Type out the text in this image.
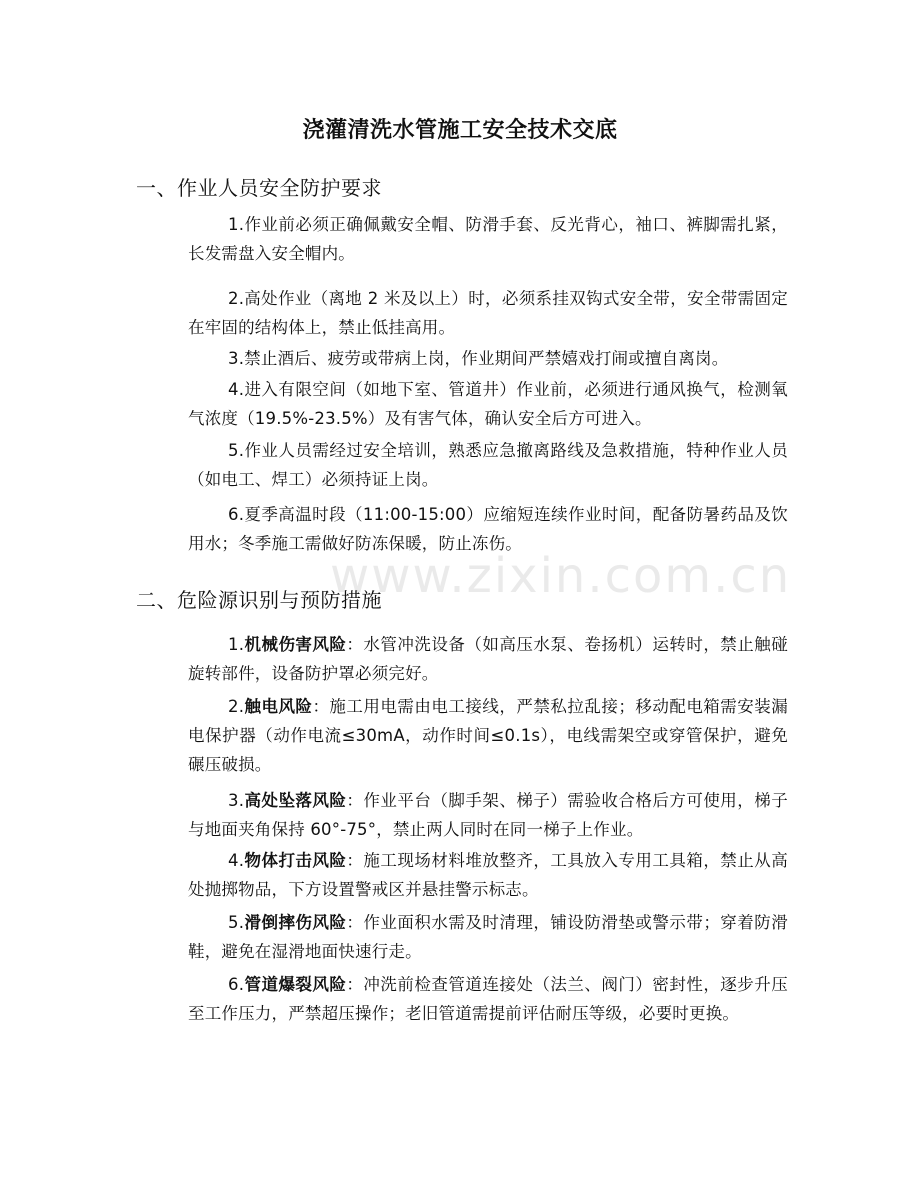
www.zixin.com.cn
浇灌清洗水管施工安全技术交底
一、作业人员安全防护要求

1.作业前必须正确佩戴安全帽、防滑手套、反光背心，袖口、裤脚需扎紧，长发需盘入安全帽内。

2.高处作业（离地 2 米及以上）时，必须系挂双钩式安全带，安全带需固定在牢固的结构体上，禁止低挂高用。

3.禁止酒后、疲劳或带病上岗，作业期间严禁嬉戏打闹或擅自离岗。

4.进入有限空间（如地下室、管道井）作业前，必须进行通风换气，检测氧气浓度（19.5%-23.5%）及有害气体，确认安全后方可进入。

5.作业人员需经过安全培训，熟悉应急撤离路线及急救措施，特种作业人员（如电工、焊工）必须持证上岗。

6.夏季高温时段（11:00-15:00）应缩短连续作业时间，配备防暑药品及饮用水；冬季施工需做好防冻保暖，防止冻伤。

二、危险源识别与预防措施

1.机械伤害风险：水管冲洗设备（如高压水泵、卷扬机）运转时，禁止触碰旋转部件，设备防护罩必须完好。

2.触电风险：施工用电需由电工接线，严禁私拉乱接；移动配电箱需安装漏电保护器（动作电流≤30mA，动作时间≤0.1s），电线需架空或穿管保护，避免碾压破损。

3.高处坠落风险：作业平台（脚手架、梯子）需验收合格后方可使用，梯子与地面夹角保持 60°-75°，禁止两人同时在同一梯子上作业。

4.物体打击风险：施工现场材料堆放整齐，工具放入专用工具箱，禁止从高处抛掷物品，下方设置警戒区并悬挂警示标志。

5.滑倒摔伤风险：作业面积水需及时清理，铺设防滑垫或警示带；穿着防滑鞋，避免在湿滑地面快速行走。

6.管道爆裂风险：冲洗前检查管道连接处（法兰、阀门）密封性，逐步升压至工作压力，严禁超压操作；老旧管道需提前评估耐压等级，必要时更换。
